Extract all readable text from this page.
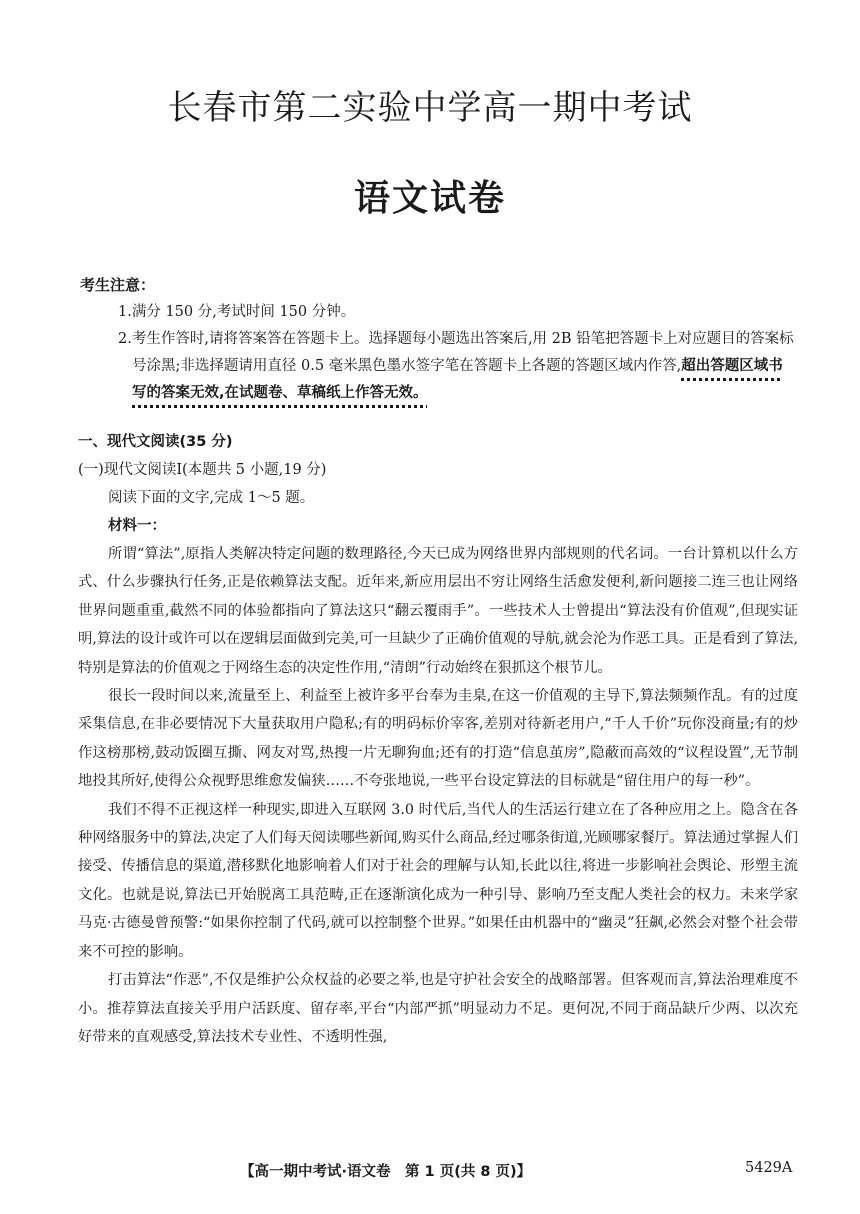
长春市第二实验中学高一期中考试
语文试卷
考生注意：

1.满分 150 分,考试时间 150 分钟。

2.考生作答时,请将答案答在答题卡上。选择题每小题选出答案后,用 2B 铅笔把答题卡上对应题目的答案标号涂黑;非选择题请用直径 0.5 毫米黑色墨水签字笔在答题卡上各题的答题区域内作答,超出答题区域书写的答案无效,在试题卷、草稿纸上作答无效。

一、现代文阅读(35 分)
(一)现代文阅读Ⅰ(本题共 5 小题,19 分)
阅读下面的文字,完成 1～5 题。
材料一：

所谓“算法”,原指人类解决特定问题的数理路径,今天已成为网络世界内部规则的代名词。一台计算机以什么方式、什么步骤执行任务,正是依赖算法支配。近年来,新应用层出不穷让网络生活愈发便利,新问题接二连三也让网络世界问题重重,截然不同的体验都指向了算法这只“翻云覆雨手”。一些技术人士曾提出“算法没有价值观”,但现实证明,算法的设计或许可以在逻辑层面做到完美,可一旦缺少了正确价值观的导航,就会沦为作恶工具。正是看到了算法,特别是算法的价值观之于网络生态的决定性作用,“清朗”行动始终在狠抓这个根节儿。

很长一段时间以来,流量至上、利益至上被许多平台奉为圭臬,在这一价值观的主导下,算法频频作乱。有的过度采集信息,在非必要情况下大量获取用户隐私;有的明码标价宰客,差别对待新老用户,“千人千价”玩你没商量;有的炒作这榜那榜,鼓动饭圈互撕、网友对骂,热搜一片无聊狗血;还有的打造“信息茧房”,隐蔽而高效的“议程设置”,无节制地投其所好,使得公众视野思维愈发偏狭……不夸张地说,一些平台设定算法的目标就是“留住用户的每一秒”。

我们不得不正视这样一种现实,即进入互联网 3.0 时代后,当代人的生活运行建立在了各种应用之上。隐含在各种网络服务中的算法,决定了人们每天阅读哪些新闻,购买什么商品,经过哪条街道,光顾哪家餐厅。算法通过掌握人们接受、传播信息的渠道,潜移默化地影响着人们对于社会的理解与认知,长此以往,将进一步影响社会舆论、形塑主流文化。也就是说,算法已开始脱离工具范畴,正在逐渐演化成为一种引导、影响乃至支配人类社会的权力。未来学家马克·古德曼曾预警:“如果你控制了代码,就可以控制整个世界。”如果任由机器中的“幽灵”狂飙,必然会对整个社会带来不可控的影响。

打击算法“作恶”,不仅是维护公众权益的必要之举,也是守护社会安全的战略部署。但客观而言,算法治理难度不小。推荐算法直接关乎用户活跃度、留存率,平台“内部严抓”明显动力不足。更何况,不同于商品缺斤少两、以次充好带来的直观感受,算法技术专业性、不透明性强,

【高一期中考试·语文卷　第 1 页(共 8 页)】	5429A
